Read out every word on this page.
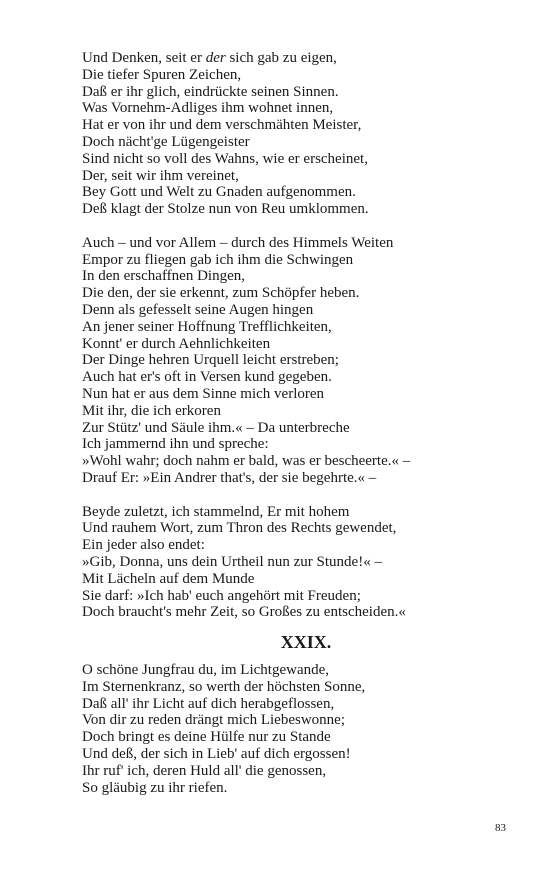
Und Denken, seit er der sich gab zu eigen,
Die tiefer Spuren Zeichen,
Daß er ihr glich, eindrückte seinen Sinnen.
Was Vornehm-Adliges ihm wohnet innen,
Hat er von ihr und dem verschmähten Meister,
Doch nächt'ge Lügengeister
Sind nicht so voll des Wahns, wie er erscheinet,
Der, seit wir ihm vereinet,
Bey Gott und Welt zu Gnaden aufgenommen.
Deß klagt der Stolze nun von Reu umklommen.
Auch – und vor Allem – durch des Himmels Weiten
Empor zu fliegen gab ich ihm die Schwingen
In den erschaffnen Dingen,
Die den, der sie erkennt, zum Schöpfer heben.
Denn als gefesselt seine Augen hingen
An jener seiner Hoffnung Trefflichkeiten,
Konnt' er durch Aehnlichkeiten
Der Dinge hehren Urquell leicht erstreben;
Auch hat er's oft in Versen kund gegeben.
Nun hat er aus dem Sinne mich verloren
Mit ihr, die ich erkoren
Zur Stütz' und Säule ihm.« – Da unterbreche
Ich jammernd ihn und spreche:
»Wohl wahr; doch nahm er bald, was er bescheerte.« –
Drauf Er: »Ein Andrer that's, der sie begehrte.« –
Beyde zuletzt, ich stammelnd, Er mit hohem
Und rauhem Wort, zum Thron des Rechts gewendet,
Ein jeder also endet:
»Gib, Donna, uns dein Urtheil nun zur Stunde!« –
Mit Lächeln auf dem Munde
Sie darf: »Ich hab' euch angehört mit Freuden;
Doch braucht's mehr Zeit, so Großes zu entscheiden.«
XXIX.
O schöne Jungfrau du, im Lichtgewande,
Im Sternenkranz, so werth der höchsten Sonne,
Daß all' ihr Licht auf dich herabgeflossen,
Von dir zu reden drängt mich Liebeswonne;
Doch bringt es deine Hülfe nur zu Stande
Und deß, der sich in Lieb' auf dich ergossen!
Ihr ruf' ich, deren Huld all' die genossen,
So gläubig zu ihr riefen.
83
